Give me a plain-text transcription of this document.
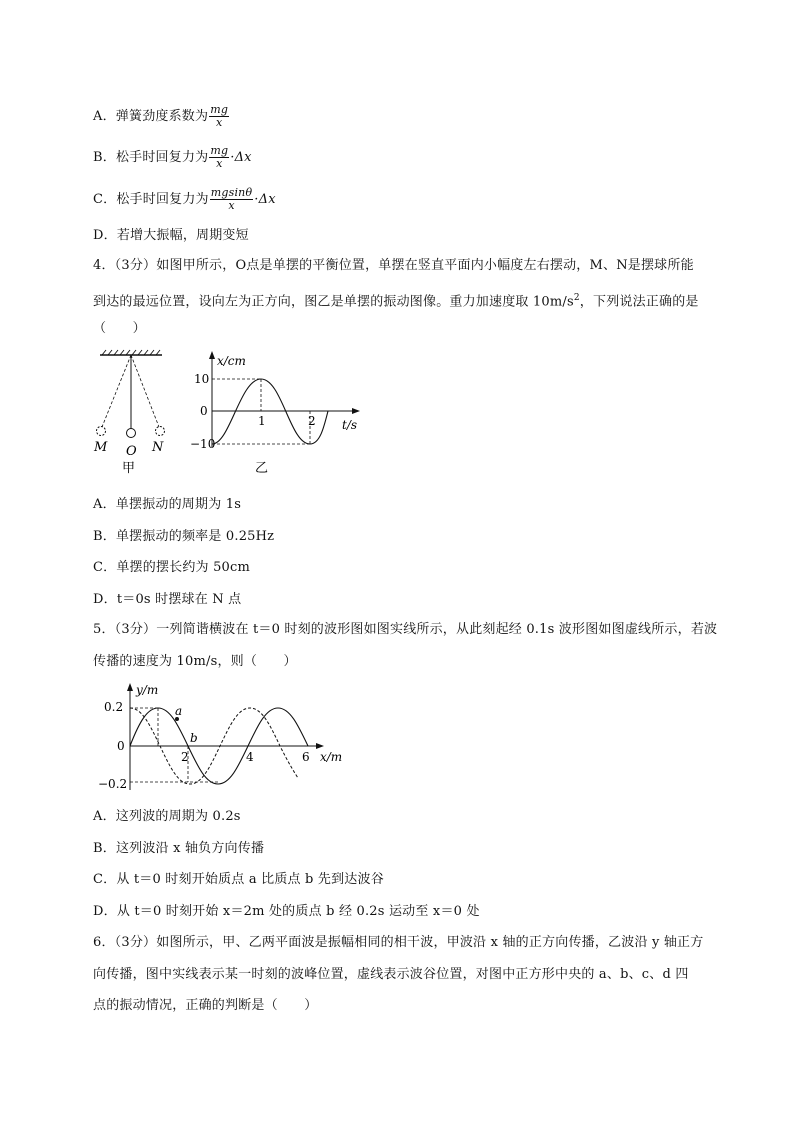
A．弹簧劲度系数为 $\frac{mg}{x}$
B．松手时回复力为 $\frac{mg}{x} \cdot\Delta x$
C．松手时回复力为 $\frac{mgsin\theta}{x} \cdot\Delta x$
D．若增大振幅，周期变短
4．（3分）如图甲所示，O点是单摆的平衡位置，单摆在竖直平面内小幅度左右摆动，M、N是摆球所能
到达的最远位置，设向左为正方向，图乙是单摆的振动图像。重力加速度取 $10m/s^2$，下列说法正确的是
（　　）
M O N
甲
x/cm
t/s
10
0
−10
1	2
乙
A．单摆振动的周期为 1s
B．单摆振动的频率是 0.25Hz
C．单摆的摆长约为 50cm
D．t＝0s 时摆球在 N 点
5．（3分）一列简谐横波在 t＝0 时刻的波形图如图实线所示，从此刻起经 0.1s 波形图如图虚线所示，若波
传播的速度为 10m/s，则（　　）
y/m
x/m
0.2
0
−0.2
2	4	6
a
b
A．这列波的周期为 0.2s
B．这列波沿 x 轴负方向传播
C．从 t＝0 时刻开始质点 a 比质点 b 先到达波谷
D．从 t＝0 时刻开始 x＝2m 处的质点 b 经 0.2s 运动至 x＝0 处
6．（3分）如图所示，甲、乙两平面波是振幅相同的相干波，甲波沿 x 轴的正方向传播，乙波沿 y 轴正方
向传播，图中实线表示某一时刻的波峰位置，虚线表示波谷位置，对图中正方形中央的 a、b、c、d 四
点的振动情况，正确的判断是（　　）
